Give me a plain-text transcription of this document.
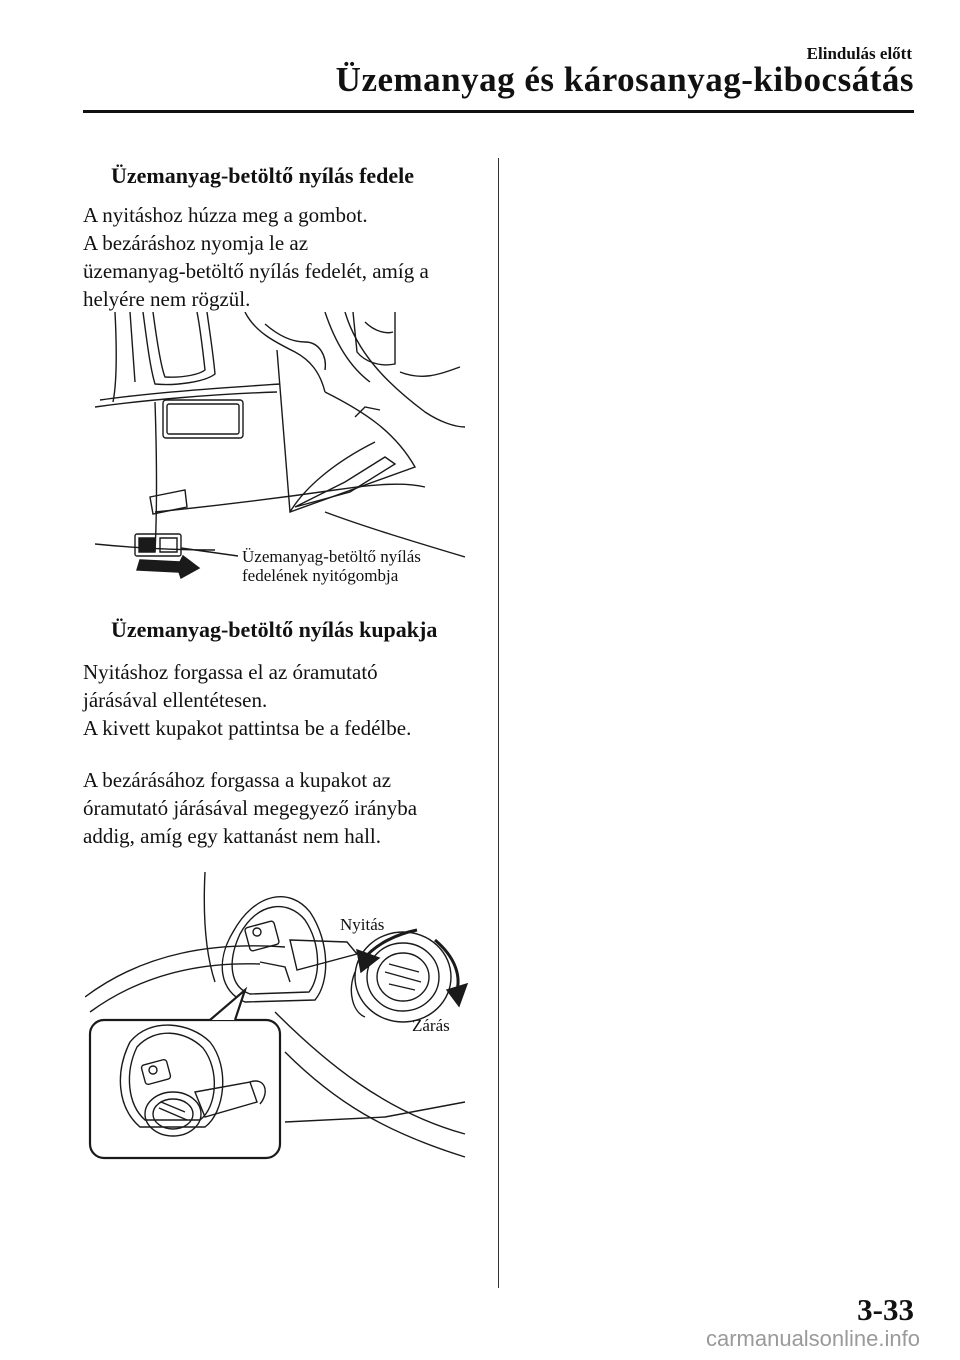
Elindulás előtt
Üzemanyag és károsanyag-kibocsátás
Üzemanyag-betöltő nyílás fedele

A nyitáshoz húzza meg a gombot.

A bezáráshoz nyomja le az

üzemanyag-betöltő nyílás fedelét, amíg a

helyére nem rögzül.

Üzemanyag-betöltő nyílás
fedelének nyitógombja
Üzemanyag-betöltő nyílás kupakja

Nyitáshoz forgassa el az óramutató

járásával ellentétesen.

A kivett kupakot pattintsa be a fedélbe.

A bezárásához forgassa a kupakot az

óramutató járásával megegyező irányba

addig, amíg egy kattanást nem hall.

Nyitás
Zárás
3-33
carmanualsonline.info
